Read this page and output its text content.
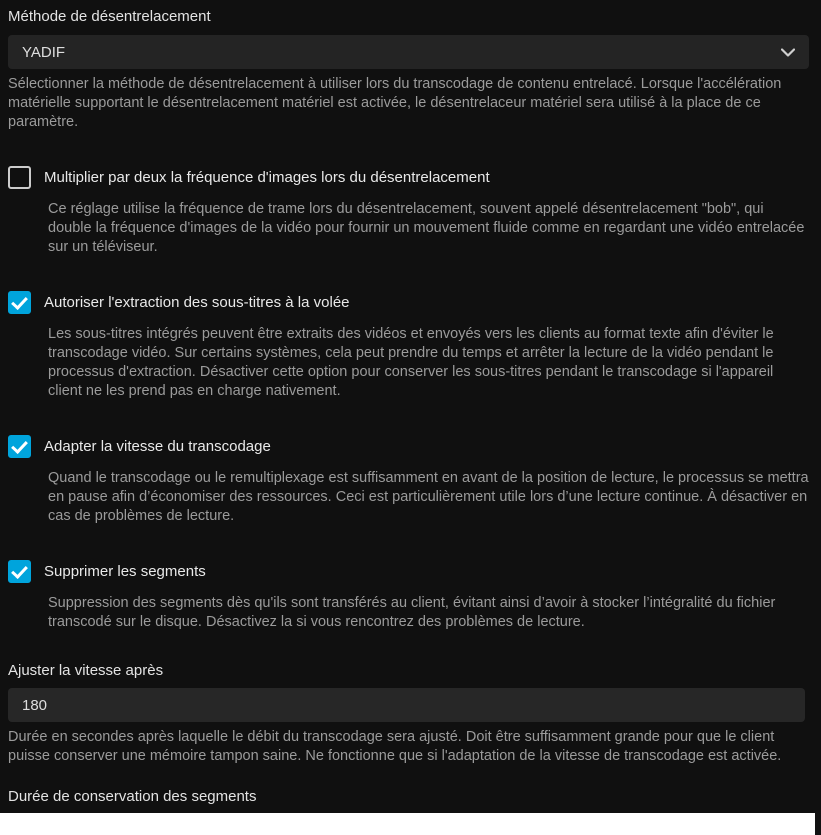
Méthode de désentrelacement
YADIF
Sélectionner la méthode de désentrelacement à utiliser lors du transcodage de contenu entrelacé. Lorsque l'accélération matérielle supportant le désentrelacement matériel est activée, le désentrelaceur matériel sera utilisé à la place de ce paramètre.
Multiplier par deux la fréquence d'images lors du désentrelacement
Ce réglage utilise la fréquence de trame lors du désentrelacement, souvent appelé désentrelacement "bob", qui double la fréquence d'images de la vidéo pour fournir un mouvement fluide comme en regardant une vidéo entrelacée sur un téléviseur.
Autoriser l'extraction des sous-titres à la volée
Les sous-titres intégrés peuvent être extraits des vidéos et envoyés vers les clients au format texte afin d'éviter le transcodage vidéo. Sur certains systèmes, cela peut prendre du temps et arrêter la lecture de la vidéo pendant le processus d'extraction. Désactiver cette option pour conserver les sous-titres pendant le transcodage si l'appareil client ne les prend pas en charge nativement.
Adapter la vitesse du transcodage
Quand le transcodage ou le remultiplexage est suffisamment en avant de la position de lecture, le processus se mettra en pause afin d’économiser des ressources. Ceci est particulièrement utile lors d’une lecture continue. À désactiver en cas de problèmes de lecture.
Supprimer les segments
Suppression des segments dès qu'ils sont transférés au client, évitant ainsi d’avoir à stocker l’intégralité du fichier transcodé sur le disque. Désactivez la si vous rencontrez des problèmes de lecture.
Ajuster la vitesse après
180
Durée en secondes après laquelle le débit du transcodage sera ajusté. Doit être suffisamment grande pour que le client puisse conserver une mémoire tampon saine. Ne fonctionne que si l'adaptation de la vitesse de transcodage est activée.
Durée de conservation des segments
